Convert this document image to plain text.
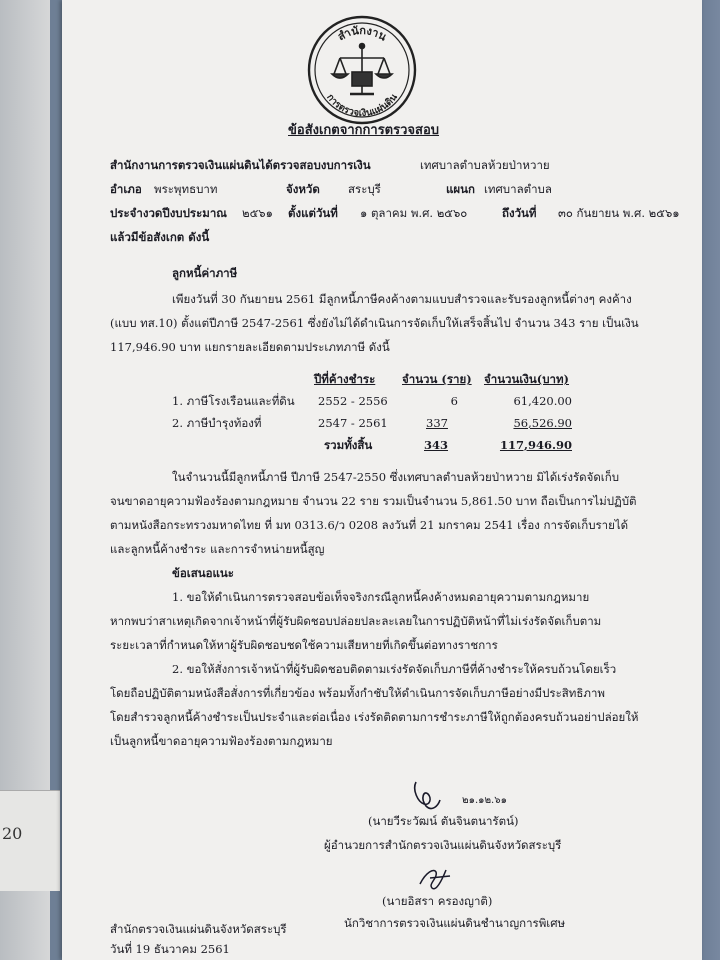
20
สำนักงาน
การตรวจเงินแผ่นดิน
ข้อสังเกตจากการตรวจสอบ
สำนักงานการตรวจเงินแผ่นดินได้ตรวจสอบงบการเงิน	เทศบาลตำบลห้วยป่าหวาย
อำเภอ พระพุทธบาท	จังหวัด สระบุรี	แผนก เทศบาลตำบล
ประจำงวดปีงบประมาณ ๒๕๖๑ ตั้งแต่วันที่ ๑ ตุลาคม พ.ศ. ๒๕๖๐	ถึงวันที่ ๓๐ กันยายน พ.ศ. ๒๕๖๑
แล้วมีข้อสังเกต ดังนี้
ลูกหนี้ค่าภาษี
เพียงวันที่ 30 กันยายน 2561 มีลูกหนี้ภาษีคงค้างตามแบบสำรวจและรับรองลูกหนี้ต่างๆ คงค้าง
(แบบ ทส.10) ตั้งแต่ปีภาษี 2547-2561 ซึ่งยังไม่ได้ดำเนินการจัดเก็บให้เสร็จสิ้นไป จำนวน 343 ราย เป็นเงิน
117,946.90 บาท แยกรายละเอียดตามประเภทภาษี ดังนี้
ปีที่ค้างชำระ จำนวน (ราย) จำนวนเงิน(บาท)
1. ภาษีโรงเรือนและที่ดิน 2552 - 2556	6	61,420.00
2. ภาษีบำรุงท้องที่	2547 - 2561	337	56,526.90
รวมทั้งสิ้น	343	117,946.90
ในจำนวนนี้มีลูกหนี้ภาษี ปีภาษี 2547-2550 ซึ่งเทศบาลตำบลห้วยป่าหวาย มิได้เร่งรัดจัดเก็บ
จนขาดอายุความฟ้องร้องตามกฎหมาย จำนวน 22 ราย รวมเป็นจำนวน 5,861.50 บาท ถือเป็นการไม่ปฏิบัติ
ตามหนังสือกระทรวงมหาดไทย ที่ มท 0313.6/ว 0208 ลงวันที่ 21 มกราคม 2541 เรื่อง การจัดเก็บรายได้
และลูกหนี้ค้างชำระ และการจำหน่ายหนี้สูญ
ข้อเสนอแนะ
1. ขอให้ดำเนินการตรวจสอบข้อเท็จจริงกรณีลูกหนี้คงค้างหมดอายุความตามกฎหมาย
หากพบว่าสาเหตุเกิดจากเจ้าหน้าที่ผู้รับผิดชอบปล่อยปละละเลยในการปฏิบัติหน้าที่ไม่เร่งรัดจัดเก็บตาม
ระยะเวลาที่กำหนดให้หาผู้รับผิดชอบชดใช้ความเสียหายที่เกิดขึ้นต่อทางราชการ
2. ขอให้สั่งการเจ้าหน้าที่ผู้รับผิดชอบติดตามเร่งรัดจัดเก็บภาษีที่ค้างชำระให้ครบถ้วนโดยเร็ว
โดยถือปฏิบัติตามหนังสือสั่งการที่เกี่ยวข้อง พร้อมทั้งกำชับให้ดำเนินการจัดเก็บภาษีอย่างมีประสิทธิภาพ
โดยสำรวจลูกหนี้ค้างชำระเป็นประจำและต่อเนื่อง เร่งรัดติดตามการชำระภาษีให้ถูกต้องครบถ้วนอย่าปล่อยให้
เป็นลูกหนี้ขาดอายุความฟ้องร้องตามกฎหมาย
๒๑.๑๒.๖๑
(นายวีระวัฒน์ ตันจินตนารัตน์)
ผู้อำนวยการสำนักตรวจเงินแผ่นดินจังหวัดสระบุรี
(นายอิสรา ครองญาติ)
นักวิชาการตรวจเงินแผ่นดินชำนาญการพิเศษ
สำนักตรวจเงินแผ่นดินจังหวัดสระบุรี
วันที่ 19 ธันวาคม 2561
